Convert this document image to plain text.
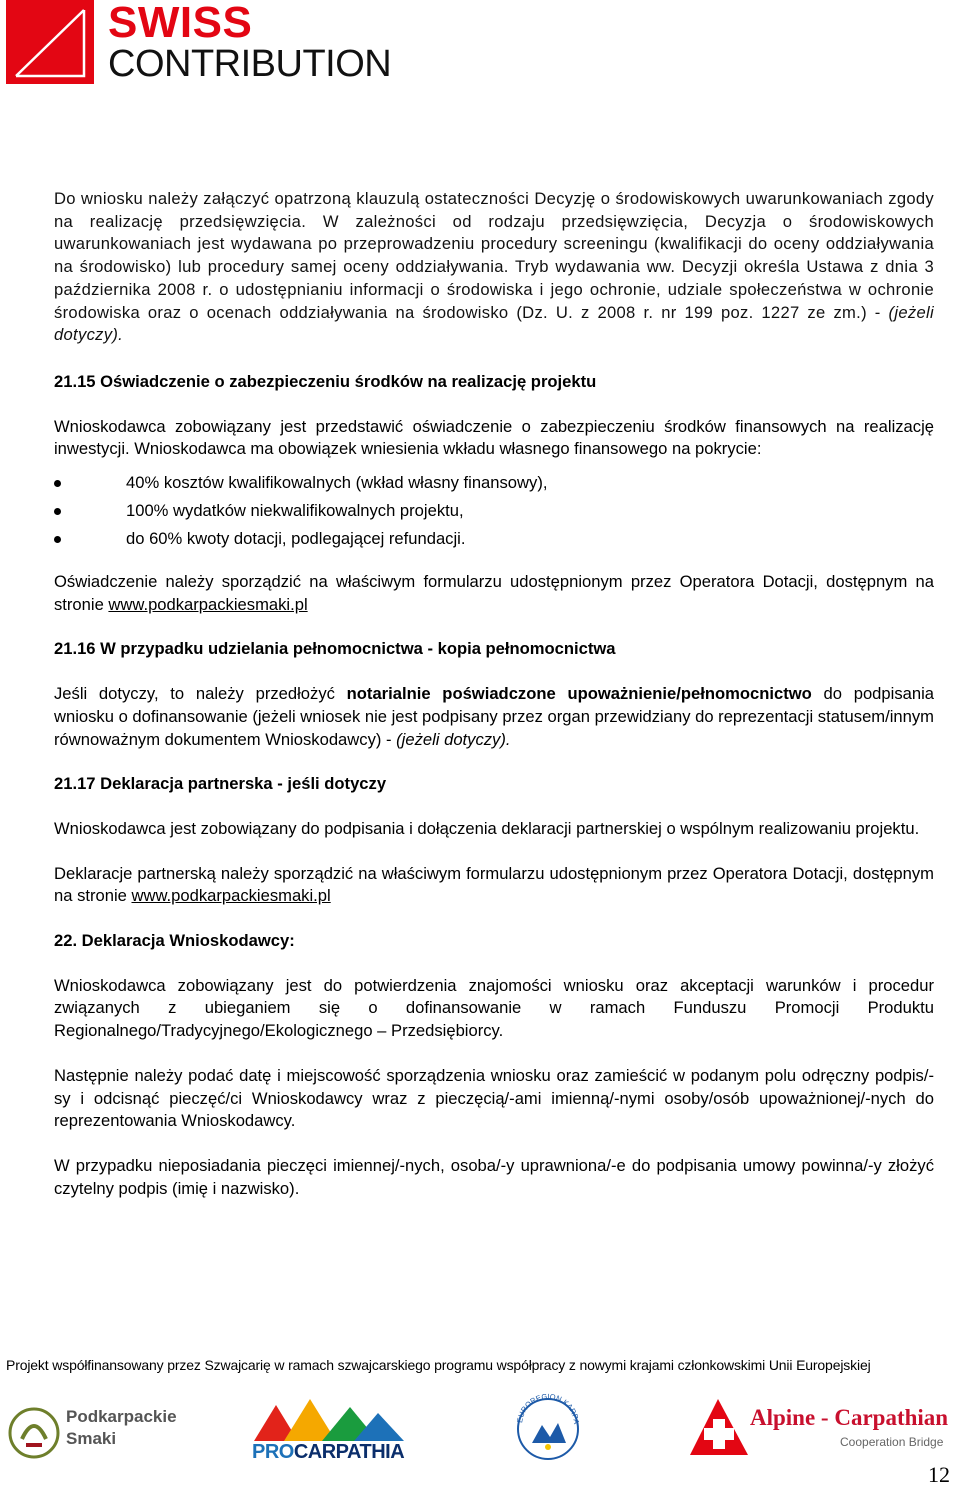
SWISS
CONTRIBUTION

Do wniosku należy załączyć opatrzoną klauzulą ostateczności Decyzję o środowiskowych uwarunkowaniach zgody na realizację przedsięwzięcia. W zależności od rodzaju przedsięwzięcia, Decyzja o środowiskowych uwarunkowaniach jest wydawana po przeprowadzeniu procedury screeningu (kwalifikacji do oceny oddziaływania na środowisko) lub procedury samej oceny oddziaływania. Tryb wydawania ww. Decyzji określa Ustawa z dnia 3 października 2008 r. o udostępnianiu informacji o środowiska i jego ochronie, udziale społeczeństwa w ochronie środowiska oraz o ocenach oddziaływania na środowisko (Dz. U. z 2008 r. nr 199 poz. 1227 ze zm.) - (jeżeli dotyczy).

21.15 Oświadczenie o zabezpieczeniu środków na realizację projektu

Wnioskodawca zobowiązany jest przedstawić oświadczenie o zabezpieczeniu środków finansowych na realizację inwestycji. Wnioskodawca ma obowiązek wniesienia wkładu własnego finansowego na pokrycie:

40% kosztów kwalifikowalnych (wkład własny finansowy),
100% wydatków niekwalifikowalnych projektu,
do 60% kwoty dotacji, podlegającej refundacji.

Oświadczenie należy sporządzić na właściwym formularzu udostępnionym przez Operatora Dotacji, dostępnym na stronie www.podkarpackiesmaki.pl

21.16 W przypadku udzielania pełnomocnictwa - kopia pełnomocnictwa

Jeśli dotyczy, to należy przedłożyć notarialnie poświadczone upoważnienie/pełnomocnictwo do podpisania wniosku o dofinansowanie (jeżeli wniosek nie jest podpisany przez organ przewidziany do reprezentacji statusem/innym równoważnym dokumentem Wnioskodawcy) - (jeżeli dotyczy).

21.17 Deklaracja partnerska - jeśli dotyczy

Wnioskodawca jest zobowiązany do podpisania i dołączenia deklaracji partnerskiej o wspólnym realizowaniu projektu.

Deklaracje partnerską należy sporządzić na właściwym formularzu udostępnionym przez Operatora Dotacji, dostępnym na stronie www.podkarpackiesmaki.pl

22. Deklaracja Wnioskodawcy:

Wnioskodawca zobowiązany jest do potwierdzenia znajomości wniosku oraz akceptacji warunków i procedur związanych z ubieganiem się o dofinansowanie w ramach Funduszu Promocji Produktu Regionalnego/Tradycyjnego/Ekologicznego – Przedsiębiorcy.

Następnie należy podać datę i miejscowość sporządzenia wniosku oraz zamieścić w podanym polu odręczny podpis/-sy i odcisnąć pieczęć/ci Wnioskodawcy wraz z pieczęcią/-ami imienną/-nymi osoby/osób upoważnionej/-nych do reprezentowania Wnioskodawcy.

W przypadku nieposiadania pieczęci imiennej/-nych, osoba/-y uprawniona/-e do podpisania umowy powinna/-y złożyć czytelny podpis (imię i nazwisko).

Projekt współfinansowany przez Szwajcarię w ramach szwajcarskiego programu współpracy z nowymi krajami członkowskimi Unii Europejskiej
Podkarpackie
Smaki
PROCARPATHIA
EUROREGION KARPA	Alpine - Carpathian
Cooperation Bridge
12
